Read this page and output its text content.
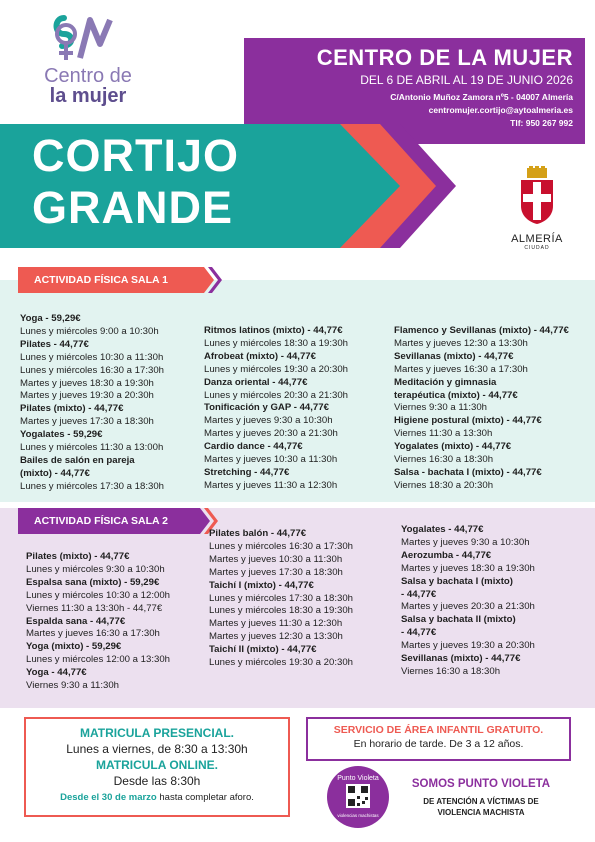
Centro de
la mujer
CENTRO DE LA MUJER
DEL 6 DE ABRIL AL 19 DE JUNIO 2026
C/Antonio Muñoz Zamora nº5 - 04007 Almería
centromujer.cortijo@aytoalmeria.es
Tlf: 950 267 992
CORTIJO
GRANDE
ALMERÍA
CIUDAD
ACTIVIDAD FÍSICA SALA 1
Yoga - 59,29€
Lunes y miércoles 9:00 a 10:30h
Pilates - 44,77€
Lunes y miércoles 10:30 a 11:30h
Lunes y miércoles 16:30 a 17:30h
Martes y jueves 18:30 a 19:30h
Martes y jueves 19:30 a 20:30h
Pilates (mixto) - 44,77€
Martes y jueves 17:30 a 18:30h
Yogalates - 59,29€
Lunes y miércoles 11:30 a 13:00h
Bailes de salón en pareja
(mixto) - 44,77€
Lunes y miércoles 17:30 a 18:30h
Ritmos latinos (mixto) - 44,77€
Lunes y miércoles 18:30 a 19:30h
Afrobeat (mixto) - 44,77€
Lunes y miércoles 19:30 a 20:30h
Danza oriental - 44,77€
Lunes y miércoles 20:30 a 21:30h
Tonificación y GAP - 44,77€
Martes y jueves 9:30 a 10:30h
Martes y jueves 20:30 a 21:30h
Cardio dance - 44,77€
Martes y jueves 10:30 a 11:30h
Stretching - 44,77€
Martes y jueves 11:30 a 12:30h
Flamenco y Sevillanas (mixto) - 44,77€
Martes y jueves 12:30 a 13:30h
Sevillanas (mixto) - 44,77€
Martes y jueves 16:30 a 17:30h
Meditación y gimnasia
terapéutica (mixto) - 44,77€
Viernes 9:30 a 11:30h
Higiene postural (mixto) - 44,77€
Viernes 11:30 a 13:30h
Yogalates (mixto) - 44,77€
Viernes 16:30 a 18:30h
Salsa - bachata I (mixto) - 44,77€
Viernes 18:30 a 20:30h
ACTIVIDAD FÍSICA SALA 2
Pilates (mixto) - 44,77€
Lunes y miércoles 9:30 a 10:30h
Espalsa sana (mixto) - 59,29€
Lunes y miércoles 10:30 a 12:00h
Viernes 11:30 a 13:30h - 44,77€
Espalda sana - 44,77€
Martes y jueves 16:30 a 17:30h
Yoga (mixto) - 59,29€
Lunes y miércoles 12:00 a 13:30h
Yoga - 44,77€
Viernes 9:30 a 11:30h
Pilates balón - 44,77€
Lunes y miércoles 16:30 a 17:30h
Martes y jueves 10:30 a 11:30h
Martes y jueves 17:30 a 18:30h
Taichí I (mixto) - 44,77€
Lunes y miércoles 17:30 a 18:30h
Lunes y miércoles 18:30 a 19:30h
Martes y jueves 11:30 a 12:30h
Martes y jueves 12:30 a 13:30h
Taichí II (mixto) - 44,77€
Lunes y miércoles 19:30 a 20:30h
Yogalates - 44,77€
Martes y jueves 9:30 a 10:30h
Aerozumba - 44,77€
Martes y jueves 18:30 a 19:30h
Salsa y bachata I (mixto)
- 44,77€
Martes y jueves 20:30 a 21:30h
Salsa y bachata II (mixto)
- 44,77€
Martes y jueves 19:30 a 20:30h
Sevillanas (mixto) - 44,77€
Viernes 16:30 a 18:30h
MATRICULA PRESENCIAL.
Lunes a viernes, de 8:30 a 13:30h
MATRICULA ONLINE.
Desde las 8:30h
Desde el 30 de marzo hasta completar aforo.
SERVICIO DE ÁREA INFANTIL GRATUITO.
En horario de tarde. De 3 a 12 años.
Punto Violeta
violencias machistas
SOMOS PUNTO VIOLETA
DE ATENCIÓN A VÍCTIMAS DE
VIOLENCIA MACHISTA
